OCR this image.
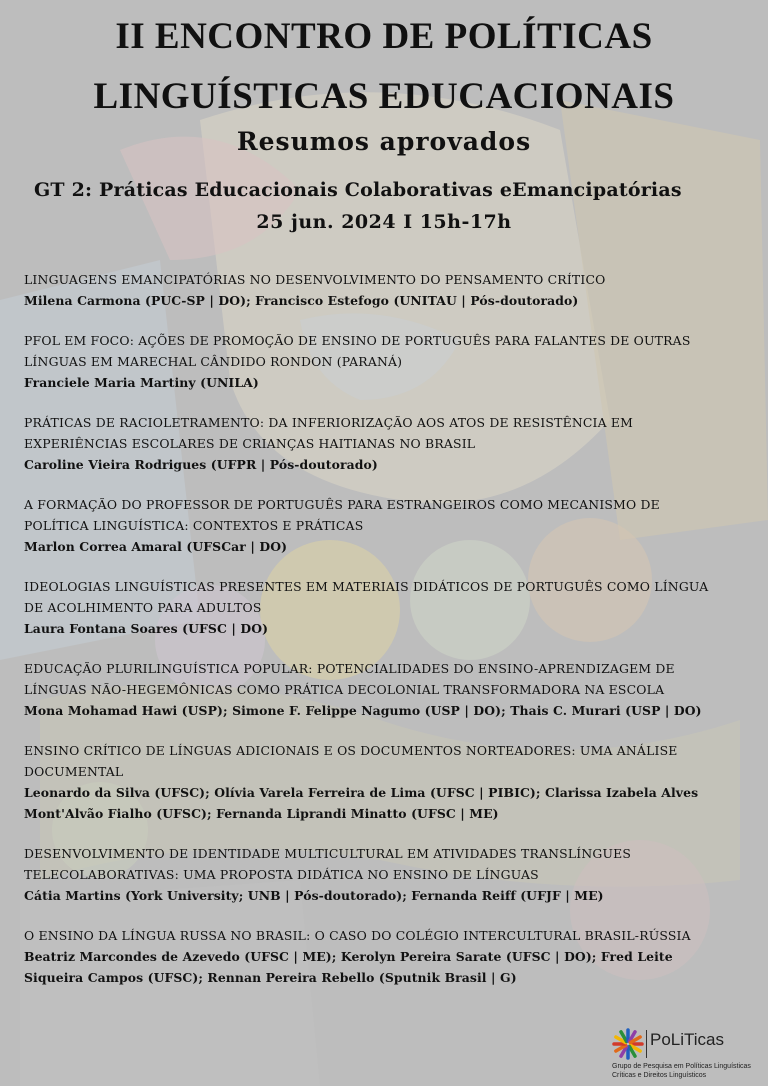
II ENCONTRO DE POLÍTICAS
LINGUÍSTICAS EDUCACIONAIS
Resumos aprovados
GT 2: Práticas Educacionais Colaborativas eEmancipatórias
25 jun. 2024 I 15h-17h
LINGUAGENS EMANCIPATÓRIAS NO DESENVOLVIMENTO DO PENSAMENTO CRÍTICO
Milena Carmona (PUC-SP | DO); Francisco Estefogo (UNITAU | Pós-doutorado)
PFOL EM FOCO: AÇÕES DE PROMOÇÃO DE ENSINO DE PORTUGUÊS PARA FALANTES DE OUTRAS
LÍNGUAS EM MARECHAL CÂNDIDO RONDON (PARANÁ)
Franciele Maria Martiny (UNILA)
PRÁTICAS DE RACIOLETRAMENTO: DA INFERIORIZAÇÃO AOS ATOS DE RESISTÊNCIA EM
EXPERIÊNCIAS ESCOLARES DE CRIANÇAS HAITIANAS NO BRASIL
Caroline Vieira Rodrigues (UFPR | Pós-doutorado)
A FORMAÇÃO DO PROFESSOR DE PORTUGUÊS PARA ESTRANGEIROS COMO MECANISMO DE
POLÍTICA LINGUÍSTICA: CONTEXTOS E PRÁTICAS
Marlon Correa Amaral (UFSCar | DO)
IDEOLOGIAS LINGUÍSTICAS PRESENTES EM MATERIAIS DIDÁTICOS DE PORTUGUÊS COMO LÍNGUA
DE ACOLHIMENTO PARA ADULTOS
Laura Fontana Soares (UFSC | DO)
EDUCAÇÃO PLURILINGUÍSTICA POPULAR: POTENCIALIDADES DO ENSINO-APRENDIZAGEM DE
LÍNGUAS NÃO-HEGEMÔNICAS COMO PRÁTICA DECOLONIAL TRANSFORMADORA NA ESCOLA
Mona Mohamad Hawi (USP); Simone F. Felippe Nagumo (USP | DO); Thais C. Murari (USP | DO)
ENSINO CRÍTICO DE LÍNGUAS ADICIONAIS E OS DOCUMENTOS NORTEADORES: UMA ANÁLISE
DOCUMENTAL
Leonardo da Silva (UFSC); Olívia Varela Ferreira de Lima (UFSC | PIBIC); Clarissa Izabela Alves
Mont'Alvão Fialho (UFSC); Fernanda Liprandi Minatto (UFSC | ME)
DESENVOLVIMENTO DE IDENTIDADE MULTICULTURAL EM ATIVIDADES TRANSLÍNGUES
TELECOLABORATIVAS: UMA PROPOSTA DIDÁTICA NO ENSINO DE LÍNGUAS
Cátia Martins (York University; UNB | Pós-doutorado); Fernanda Reiff (UFJF | ME)
O ENSINO DA LÍNGUA RUSSA NO BRASIL: O CASO DO COLÉGIO INTERCULTURAL BRASIL-RÚSSIA
Beatriz Marcondes de Azevedo (UFSC | ME); Kerolyn Pereira Sarate (UFSC | DO); Fred Leite
Siqueira Campos (UFSC); Rennan Pereira Rebello (Sputnik Brasil | G)
PoLiTicas
Grupo de Pesquisa em Políticas Linguísticas
Críticas e Direitos Linguísticos
